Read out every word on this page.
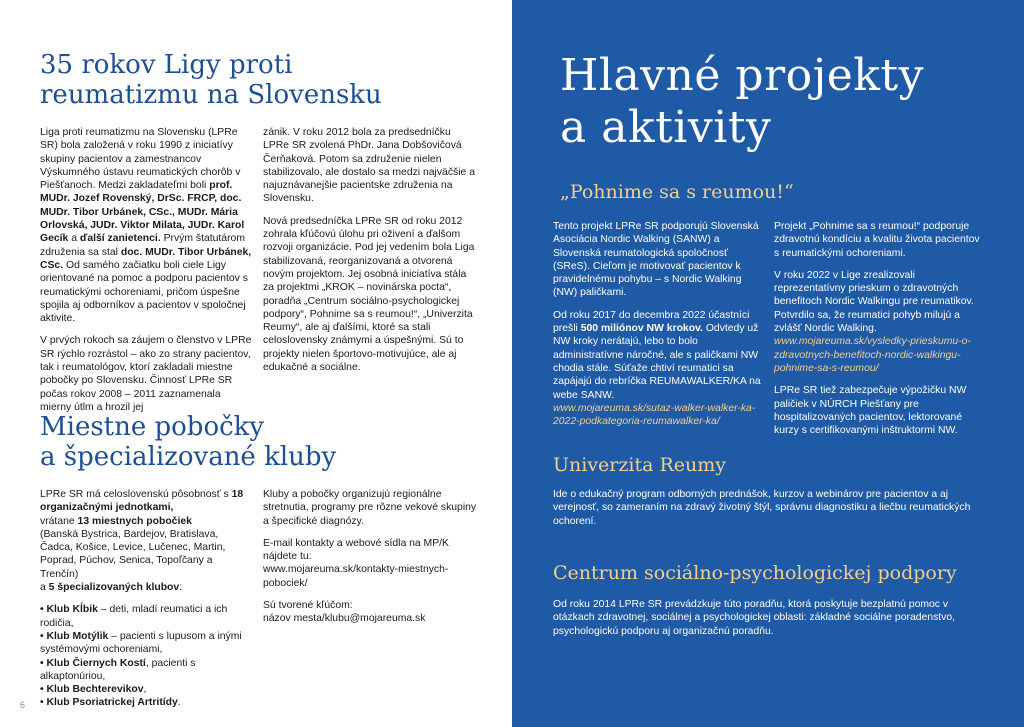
35 rokov Ligy proti
reumatizmu na Slovensku

Liga proti reumatizmu na Slovensku (LPRe SR) bola založená v roku 1990 z iniciatívy skupiny pacientov a zamestnancov Výskumného ústavu reumatických chorôb v Piešťanoch. Medzi zakladateľmi boli prof. MUDr. Jozef Rovenský, DrSc. FRCP, doc. MUDr. Tibor Urbánek, CSc., MUDr. Mária Orlovská, JUDr. Viktor Milata, JUDr. Karol Gecík a ďalší zanietenci. Prvým štatutárom združenia sa stal doc. MUDr. Tibor Urbánek, CSc. Od samého začiatku boli ciele Ligy orientované na pomoc a podporu pacientov s reumatickými ochoreniami, pričom úspešne spojila aj odborníkov a pacientov v spoločnej aktivite.

V prvých rokoch sa záujem o členstvo v LPRe SR rýchlo rozrástol – ako zo strany pacientov, tak i reumatológov, ktorí zakladali miestne pobočky po Slovensku. Činnosť LPRe SR počas rokov 2008 – 2011 zaznamenala mierny útlm a hrozil jej

zánik. V roku 2012 bola za predsedníčku LPRe SR zvolená PhDr. Jana Dobšovičová Čerňaková. Potom sa združenie nielen stabilizovalo, ale dostalo sa medzi najväčšie a najuznávanejšie pacientske združenia na Slovensku.

Nová predsedníčka LPRe SR od roku 2012 zohrala kľúčovú úlohu pri oživení a ďalšom rozvoji organizácie. Pod jej vedením bola Liga stabilizovaná, reorganizovaná a otvorená novým projektom. Jej osobná iniciatíva stála za projektmi „KROK – novinárska pocta“, poradňa „Centrum sociálno-psychologickej podpory“, Pohnime sa s reumou!“, „Univerzita Reumy“, ale aj ďalšími, ktoré sa stali celoslovensky známymi a úspešnými. Sú to projekty nielen športovo-motivujúce, ale aj edukačné a sociálne.

Miestne pobočky
a špecializované kluby

LPRe SR má celoslovenskú pôsobnosť s 18 organizačnými jednotkami,
vrátane 13 miestnych pobočiek
(Banská Bystrica, Bardejov, Bratislava, Čadca, Košice, Levice, Lučenec, Martin, Poprad, Púchov, Senica, Topoľčany a Trenčín)
a 5 špecializovaných klubov:

• Klub Kĺbik – deti, mladí reumatici a ich rodičia,
• Klub Motýlik – pacienti s lupusom a inými systémovými ochoreniami,
• Klub Čiernych Kostí, pacienti s alkaptonúriou,
• Klub Bechterevikov,
• Klub Psoriatrickej Artritídy.

Kluby a pobočky organizujú regionálne stretnutia, programy pre rôzne vekové skupiny a špecifické diagnózy.

E-mail kontakty a webové sídla na MP/K nájdete tu:
www.mojareuma.sk/kontakty-miestnych-pobociek/

Sú tvorené kľúčom:
názov mesta/klubu@mojareuma.sk

6
Hlavné projekty
a aktivity
„Pohnime sa s reumou!“

Tento projekt LPRe SR podporujú Slovenská Asociácia Nordic Walking (SANW) a Slovenská reumatologická spoločnosť (SReS). Cieľom je motivovať pacientov k pravidelnému pohybu – s Nordic Walking (NW) paličkami.

Od roku 2017 do decembra 2022 účastníci prešli 500 miliónov NW krokov. Odvtedy už NW kroky nerátajú, lebo to bolo administratívne náročné, ale s paličkami NW chodia stále. Súťaže chtiví reumatici sa zapájajú do rebríčka REUMAWALKER/KA na webe SANW.
www.mojareuma.sk/sutaz-walker-walker-ka-2022-podkategoria-reumawalker-ka/

Projekt „Pohnime sa s reumou!“ podporuje zdravotnú kondíciu a kvalitu života pacientov s reumatickými ochoreniami.

V roku 2022 v Lige zrealizovali reprezentatívny prieskum o zdravotných benefitoch Nordic Walkingu pre reumatikov. Potvrdilo sa, že reumatici pohyb milujú a zvlášť Nordic Walking. www.mojareuma.sk/vysledky-prieskumu-o-zdravotnych-benefitoch-nordic-walkingu-pohnime-sa-s-reumou/

LPRe SR tiež zabezpečuje výpožičku NW paličiek v NÚRCH Piešťany pre hospitalizovaných pacientov, lektorované kurzy s certifikovanými inštruktormi NW.

Univerzita Reumy

Ide o edukačný program odborných prednášok, kurzov a webinárov pre pacientov a aj verejnosť, so zameraním na zdravý životný štýl, správnu diagnostiku a liečbu reumatických ochorení.

Centrum sociálno-psychologickej podpory

Od roku 2014 LPRe SR prevádzkuje túto poradňu, ktorá poskytuje bezplatnú pomoc v otázkach zdravotnej, sociálnej a psychologickej oblasti: základné sociálne poradenstvo, psychologickú podporu aj organizačnú poradňu.
